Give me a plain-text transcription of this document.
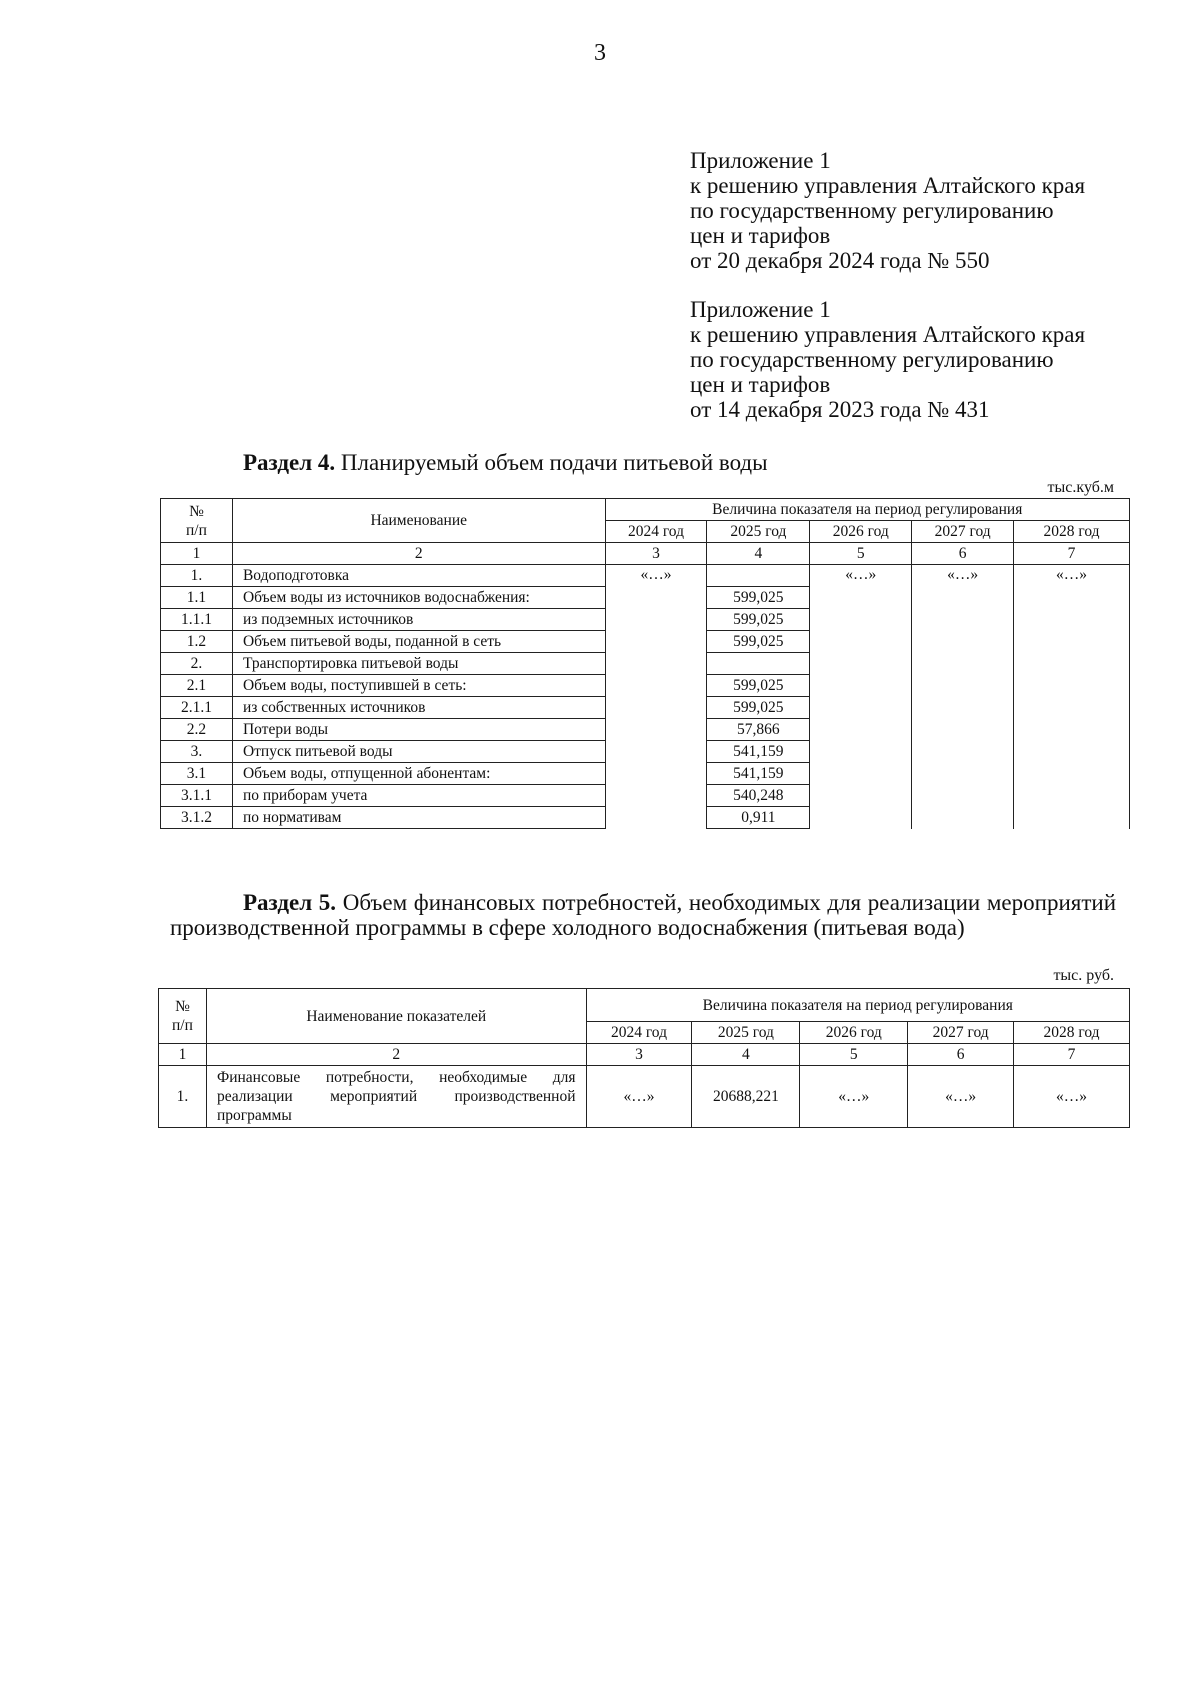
3
Приложение 1
к решению управления Алтайского края
по государственному регулированию
цен и тарифов
от 20 декабря 2024 года № 550
Приложение 1
к решению управления Алтайского края
по государственному регулированию
цен и тарифов
от 14 декабря 2023 года № 431
Раздел 4. Планируемый объем подачи питьевой воды
тыс.куб.м
№
п/п	Наименование	Величина показателя на период регулирования				
		2024 год	2025 год	2026 год	2027 год	2028 год
1	2	3	4	5	6	7
1.	Водоподготовка	«…»		«…»	«…»	«…»
1.1	Объем воды из источников водоснабжения:		599,025			
1.1.1	из подземных источников		599,025			
1.2	Объем питьевой воды, поданной в сеть		599,025			
2.	Транспортировка питьевой воды					
2.1	Объем воды, поступившей в сеть:		599,025			
2.1.1	из собственных источников		599,025			
2.2	Потери воды		57,866			
3.	Отпуск питьевой воды		541,159			
3.1	Объем воды, отпущенной абонентам:		541,159			
3.1.1	по приборам учета		540,248			
3.1.2	по нормативам		0,911			
Раздел 5. Объем финансовых потребностей, необходимых для реализации мероприятий производственной программы в сфере холодного водоснабжения (питьевая вода)
тыс. руб.
№
п/п	Наименование показателей	Величина показателя на период регулирования				
		2024 год	2025 год	2026 год	2027 год	2028 год
1	2	3	4	5	6	7
1.	Финансовые потребности, необходимые для реализации мероприятий производственной программы	«…»	20688,221	«…»	«…»	«…»
